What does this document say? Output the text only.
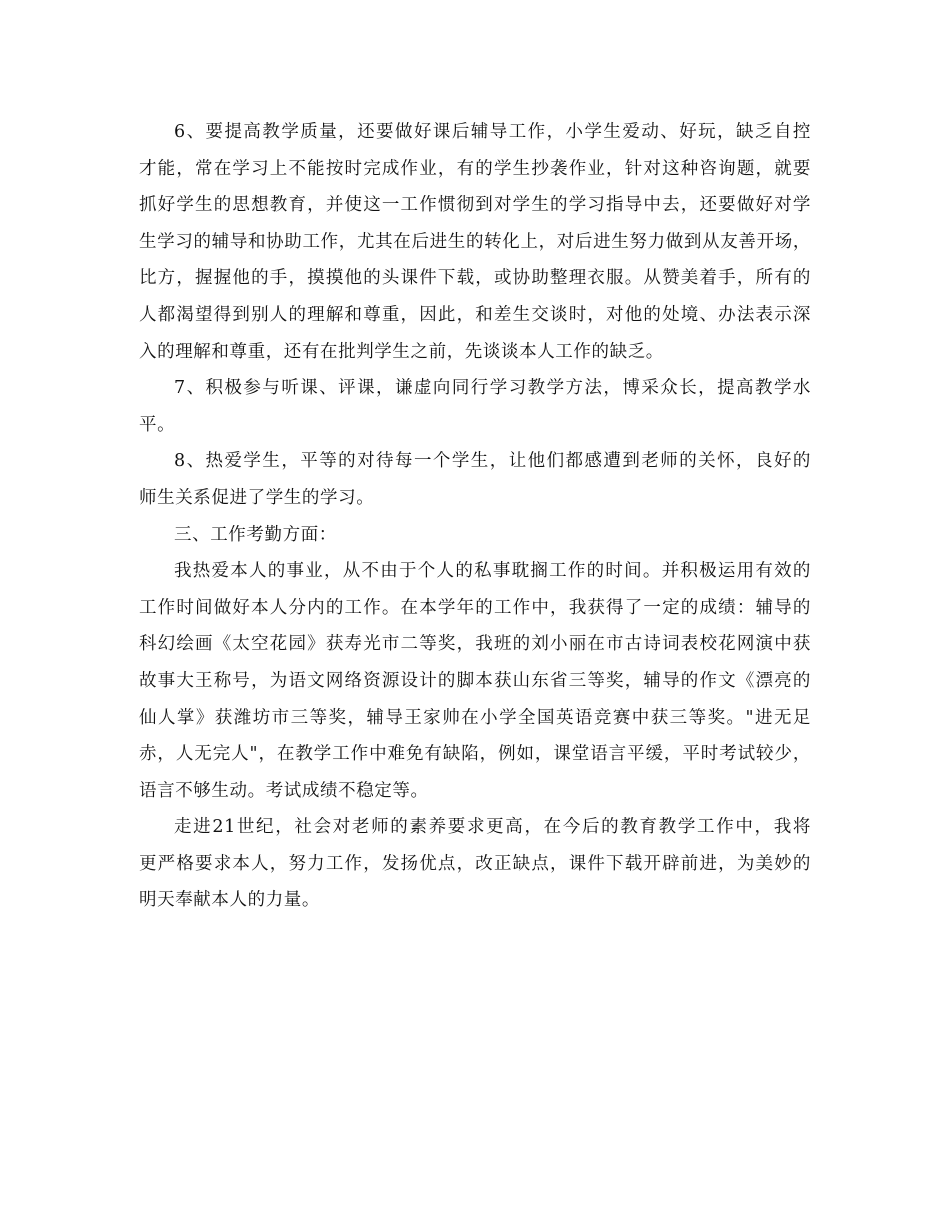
6、要提高教学质量，还要做好课后辅导工作，小学生爱动、好玩，缺乏自控
才能，常在学习上不能按时完成作业，有的学生抄袭作业，针对这种咨询题，就要
抓好学生的思想教育，并使这一工作惯彻到对学生的学习指导中去，还要做好对学
生学习的辅导和协助工作，尤其在后进生的转化上，对后进生努力做到从友善开场，
比方，握握他的手，摸摸他的头课件下载，或协助整理衣服。从赞美着手，所有的
人都渴望得到别人的理解和尊重，因此，和差生交谈时，对他的处境、办法表示深
入的理解和尊重，还有在批判学生之前，先谈谈本人工作的缺乏。
7、积极参与听课、评课，谦虚向同行学习教学方法，博采众长，提高教学水
平。
8、热爱学生，平等的对待每一个学生，让他们都感遭到老师的关怀，良好的
师生关系促进了学生的学习。
三、工作考勤方面：
我热爱本人的事业，从不由于个人的私事耽搁工作的时间。并积极运用有效的
工作时间做好本人分内的工作。在本学年的工作中，我获得了一定的成绩：辅导的
科幻绘画《太空花园》获寿光市二等奖，我班的刘小丽在市古诗词表校花网演中获
故事大王称号，为语文网络资源设计的脚本获山东省三等奖，辅导的作文《漂亮的
仙人掌》获潍坊市三等奖，辅导王家帅在小学全国英语竞赛中获三等奖。"进无足
赤，人无完人"，在教学工作中难免有缺陷，例如，课堂语言平缓，平时考试较少，
语言不够生动。考试成绩不稳定等。
走进21世纪，社会对老师的素养要求更高，在今后的教育教学工作中，我将
更严格要求本人，努力工作，发扬优点，改正缺点，课件下载开辟前进，为美妙的
明天奉献本人的力量。
